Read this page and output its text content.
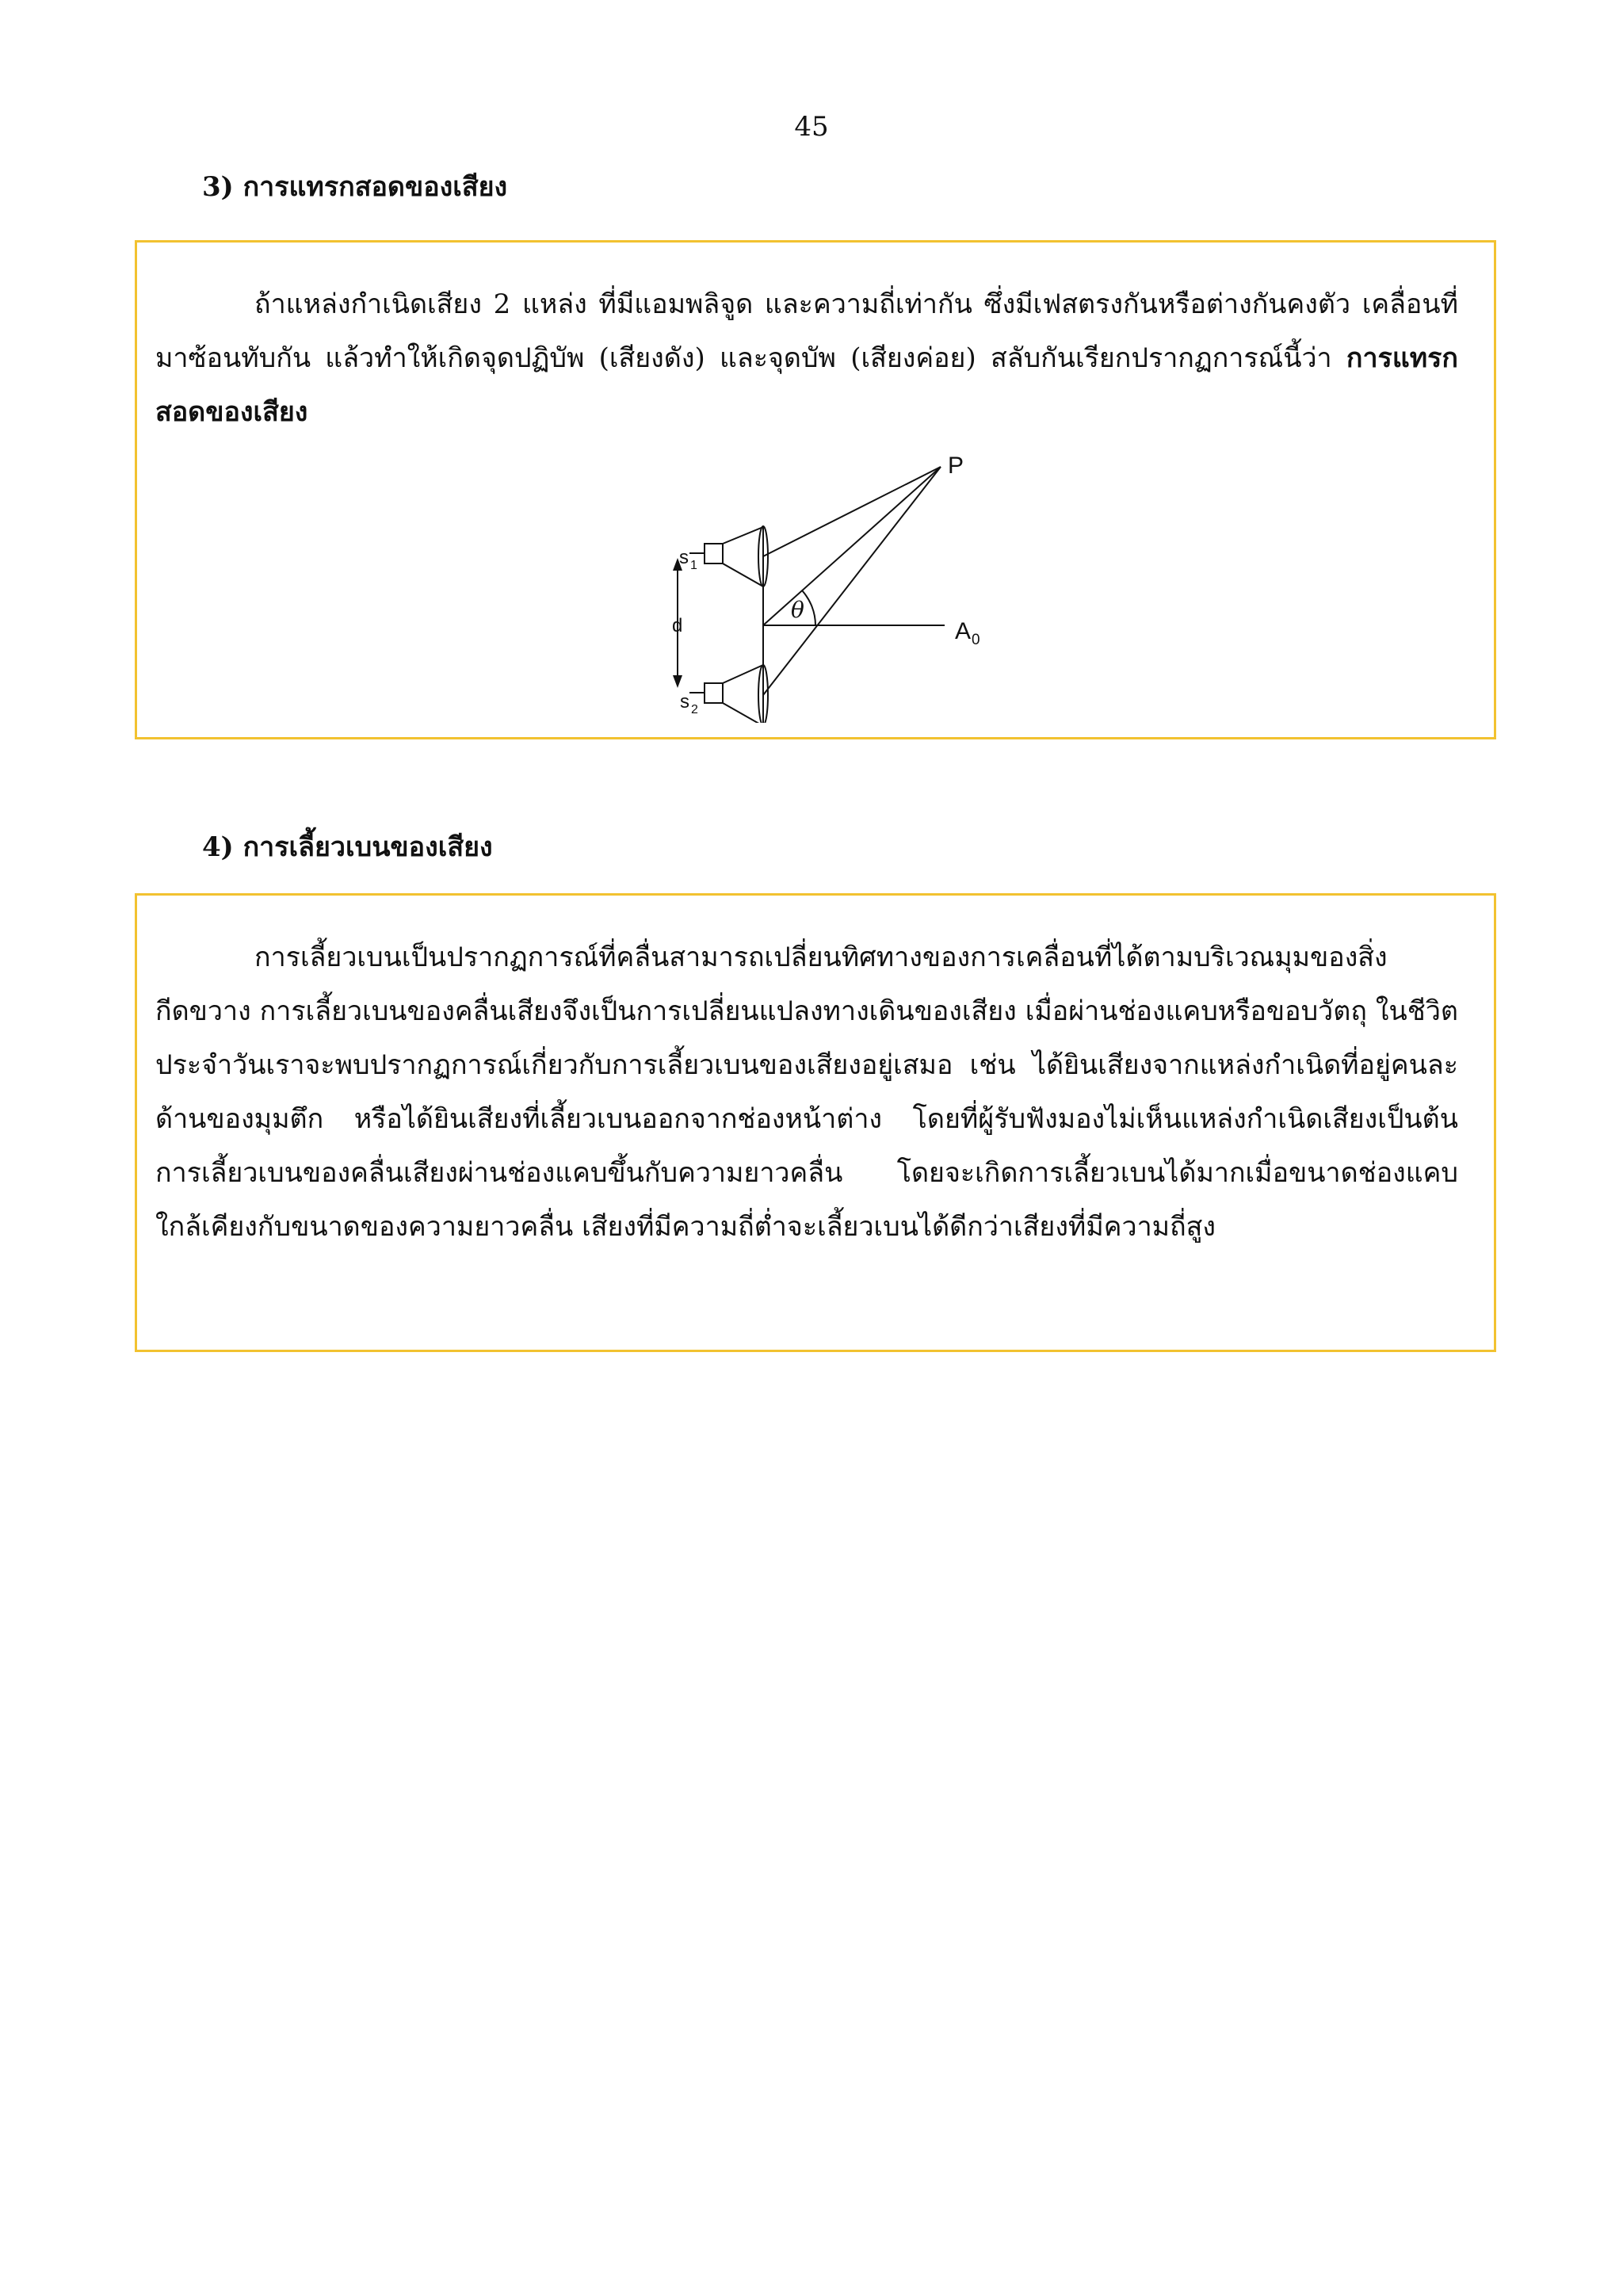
45
3) การแทรกสอดของเสียง

ถ้าแหล่งกำเนิดเสียง 2 แหล่ง ที่มีแอมพลิจูด และความถี่เท่ากัน ซึ่งมีเฟสตรงกันหรือต่างกันคงตัว เคลื่อนที่มาซ้อนทับกัน แล้วทำให้เกิดจุดปฏิบัพ (เสียงดัง) และจุดบัพ (เสียงค่อย) สลับกันเรียกปรากฏการณ์นี้ว่า การแทรกสอดของเสียง

P
A 0
s 1
s 2
d
θ
4) การเลี้ยวเบนของเสียง

การเลี้ยวเบนเป็นปรากฏการณ์ที่คลื่นสามารถเปลี่ยนทิศทางของการเคลื่อนที่ได้ตามบริเวณมุมของสิ่งกีดขวาง การเลี้ยวเบนของคลื่นเสียงจึงเป็นการเปลี่ยนแปลงทางเดินของเสียง เมื่อผ่านช่องแคบหรือขอบวัตถุ ในชีวิตประจำวันเราจะพบปรากฏการณ์เกี่ยวกับการเลี้ยวเบนของเสียงอยู่เสมอ เช่น ได้ยินเสียงจากแหล่งกำเนิดที่อยู่คนละด้านของมุมตึก หรือได้ยินเสียงที่เลี้ยวเบนออกจากช่องหน้าต่าง โดยที่ผู้รับฟังมองไม่เห็นแหล่งกำเนิดเสียงเป็นต้น การเลี้ยวเบนของคลื่นเสียงผ่านช่องแคบขึ้นกับความยาวคลื่น โดยจะเกิดการเลี้ยวเบนได้มากเมื่อขนาดช่องแคบใกล้เคียงกับขนาดของความยาวคลื่น เสียงที่มีความถี่ต่ำจะเลี้ยวเบนได้ดีกว่าเสียงที่มีความถี่สูง
